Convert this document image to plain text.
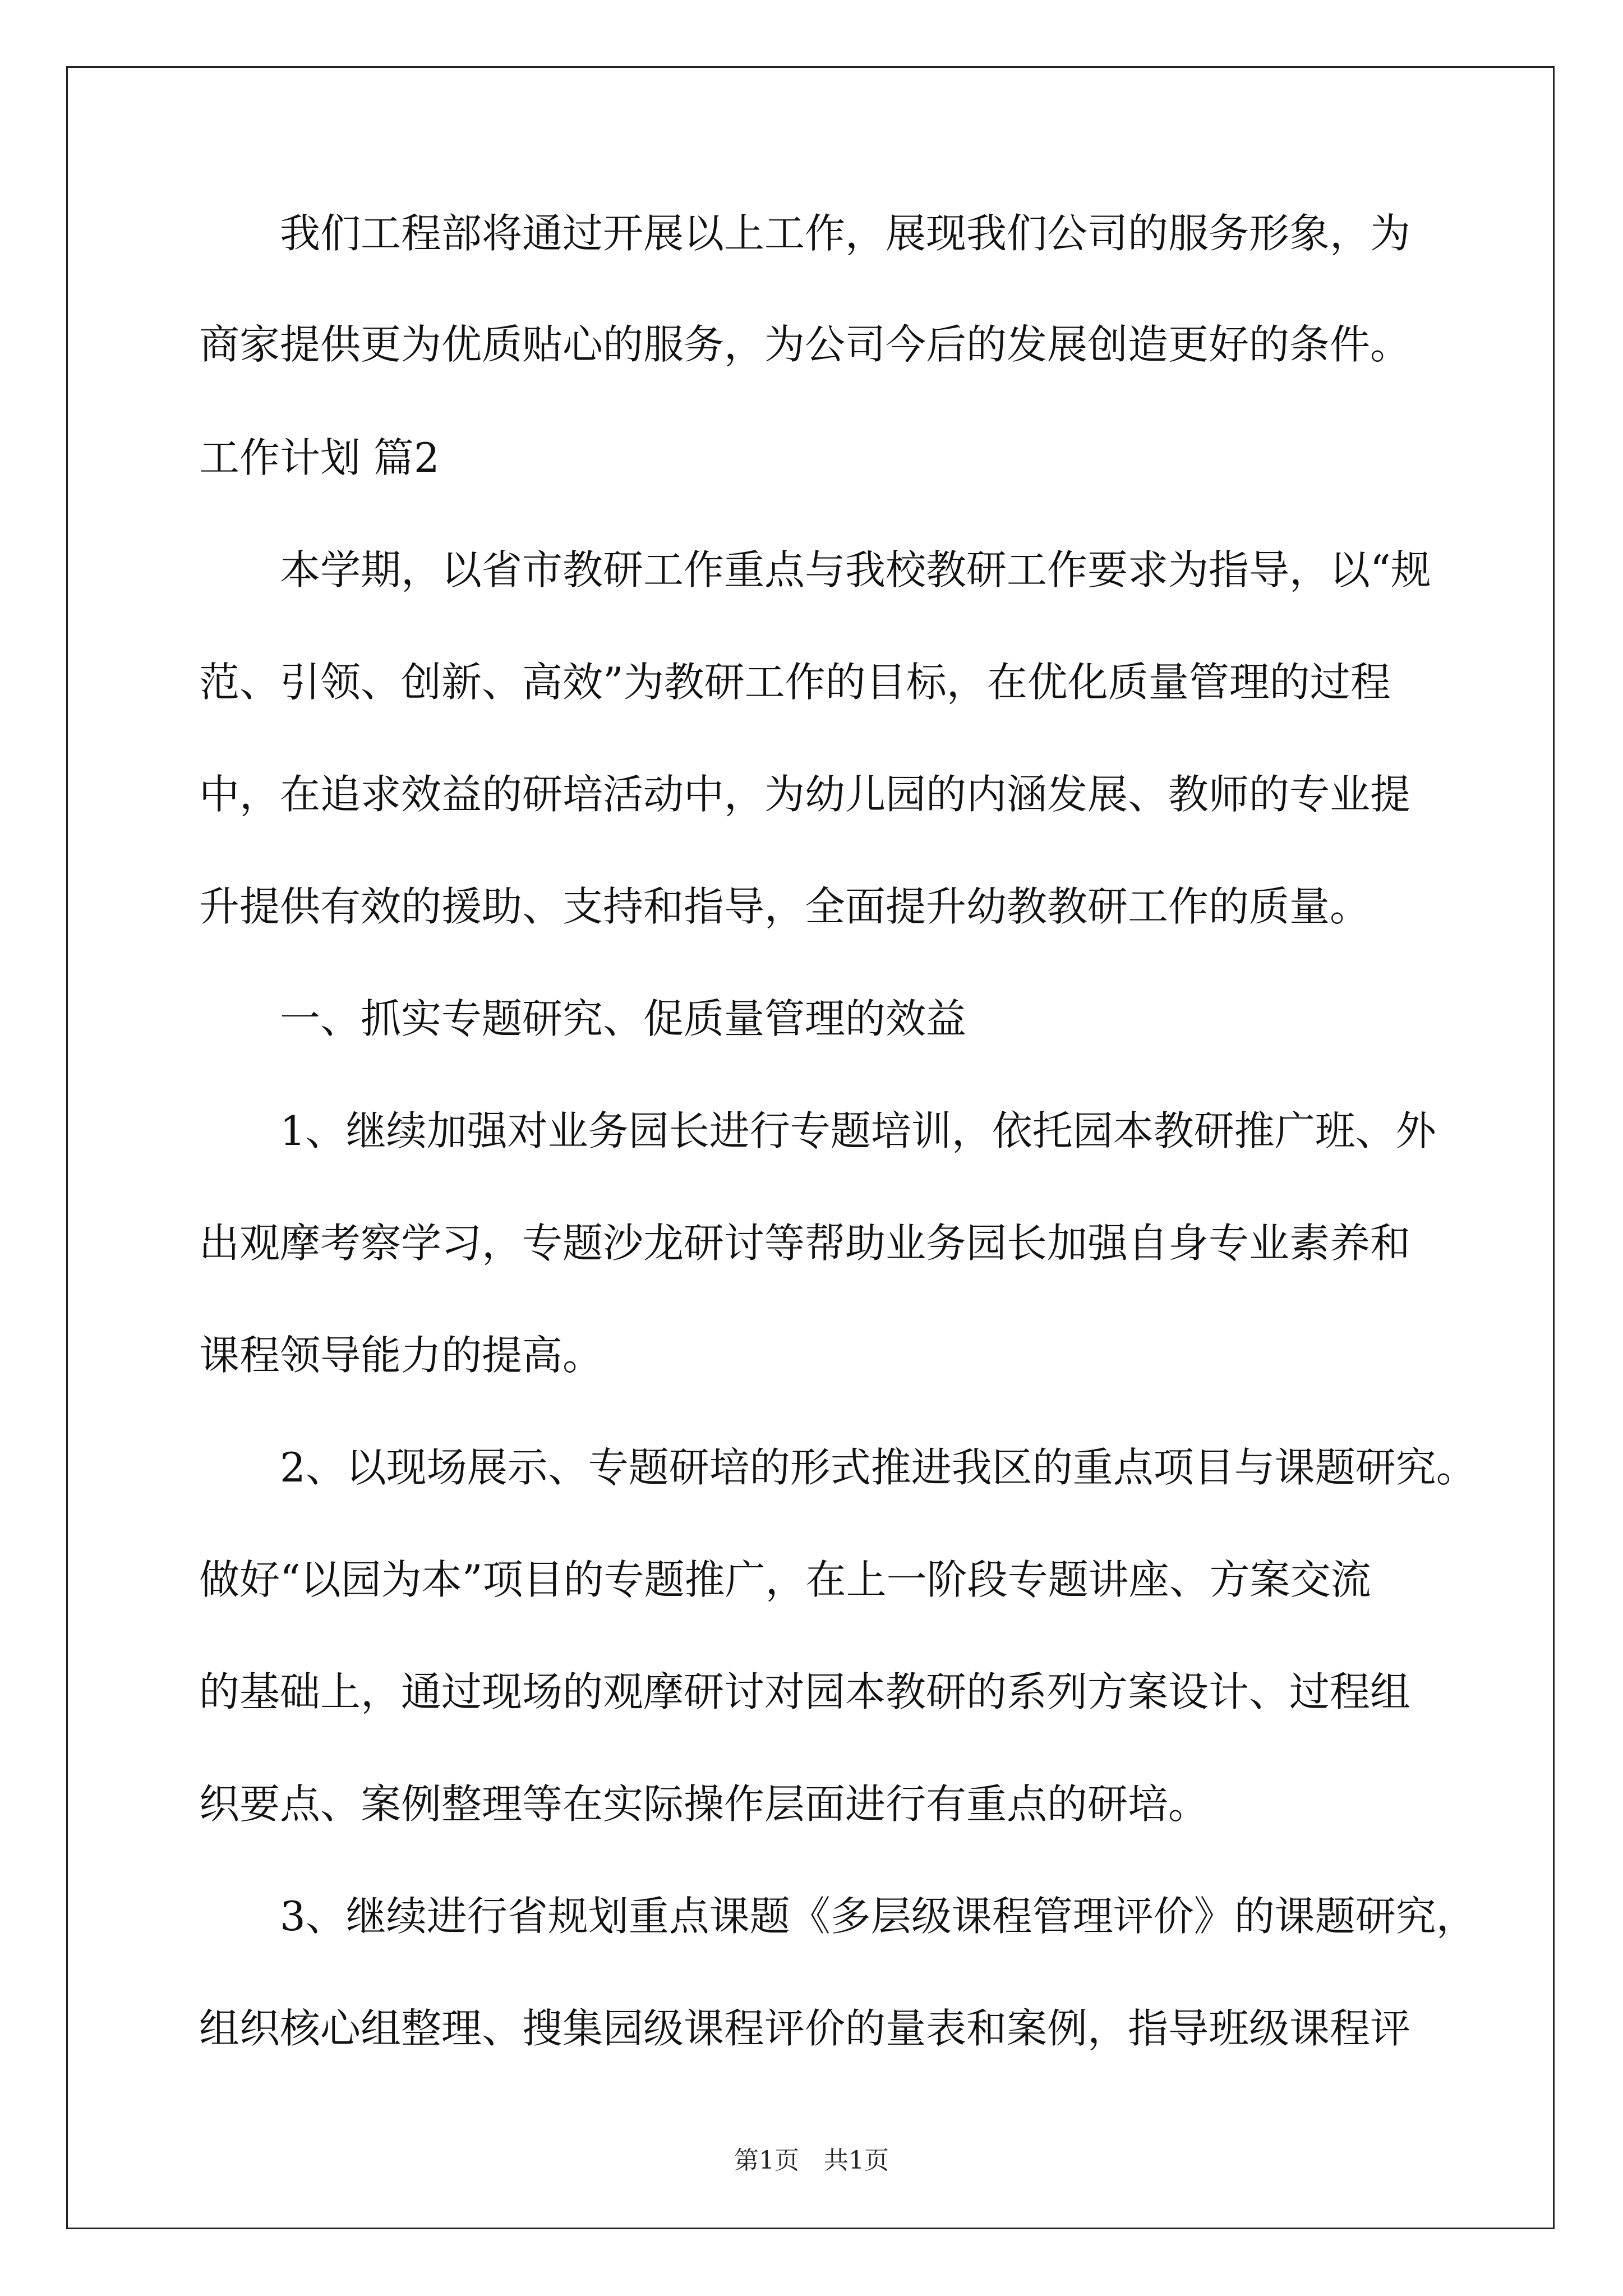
　　我们工程部将通过开展以上工作，展现我们公司的服务形象，为
商家提供更为优质贴心的服务，为公司今后的发展创造更好的条件。
工作计划 篇2
　　本学期，以省市教研工作重点与我校教研工作要求为指导，以“规
范、引领、创新、高效”为教研工作的目标，在优化质量管理的过程
中，在追求效益的研培活动中，为幼儿园的内涵发展、教师的专业提
升提供有效的援助、支持和指导，全面提升幼教教研工作的质量。
　　一、抓实专题研究、促质量管理的效益
　　1、继续加强对业务园长进行专题培训，依托园本教研推广班、外
出观摩考察学习，专题沙龙研讨等帮助业务园长加强自身专业素养和
课程领导能力的提高。
　　2、以现场展示、专题研培的形式推进我区的重点项目与课题研究。
做好“以园为本”项目的专题推广，在上一阶段专题讲座、方案交流
的基础上，通过现场的观摩研讨对园本教研的系列方案设计、过程组
织要点、案例整理等在实际操作层面进行有重点的研培。
　　3、继续进行省规划重点课题《多层级课程管理评价》的课题研究，
组织核心组整理、搜集园级课程评价的量表和案例，指导班级课程评
第1页　共1页
